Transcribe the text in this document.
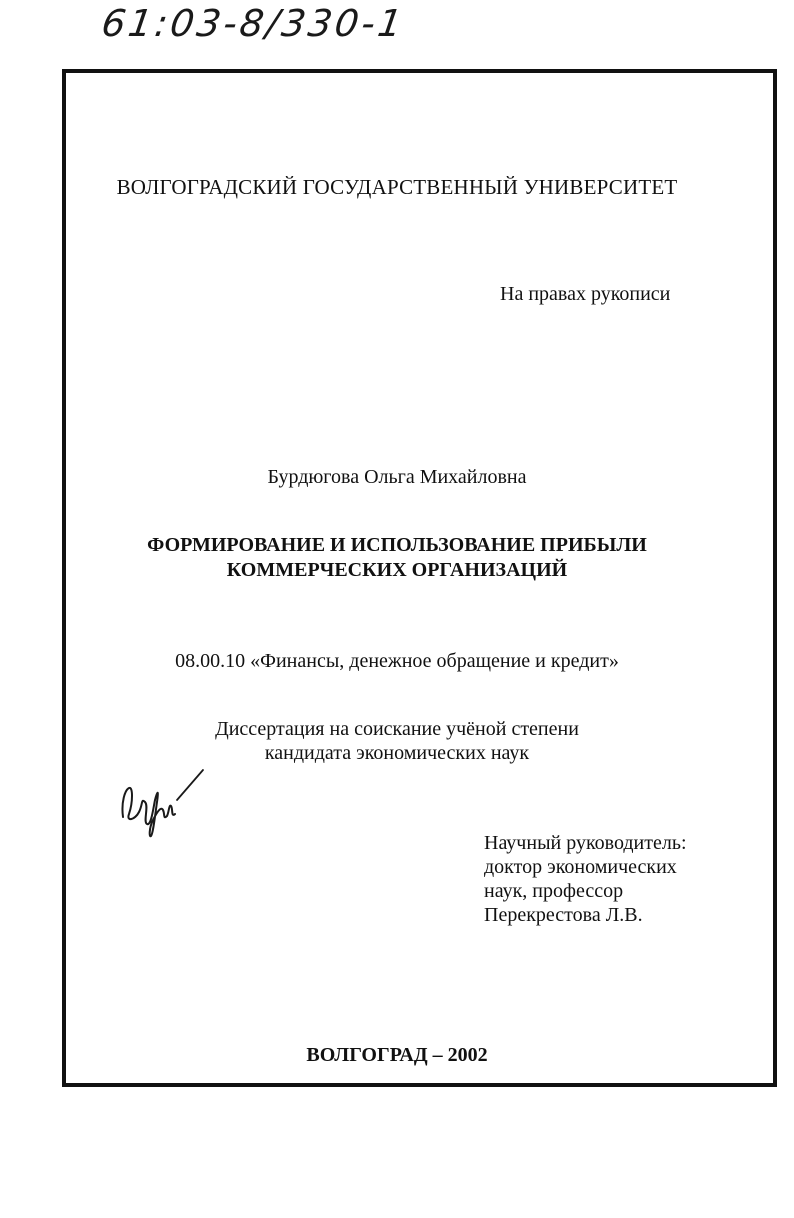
61:03-8/330-1
ВОЛГОГРАДСКИЙ ГОСУДАРСТВЕННЫЙ УНИВЕРСИТЕТ
На правах рукописи
Бурдюгова Ольга Михайловна
ФОРМИРОВАНИЕ И ИСПОЛЬЗОВАНИЕ ПРИБЫЛИ
КОММЕРЧЕСКИХ ОРГАНИЗАЦИЙ
08.00.10 «Финансы, денежное обращение и кредит»
Диссертация на соискание учёной степени
кандидата экономических наук
Научный руководитель:
доктор экономических
наук, профессор
Перекрестова Л.В.
ВОЛГОГРАД – 2002
